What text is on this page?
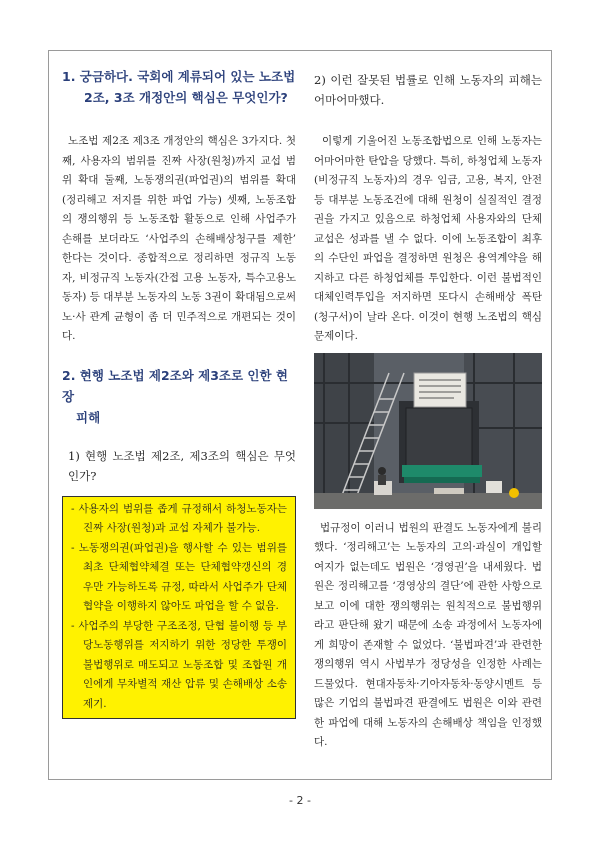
1. 궁금하다. 국회에 계류되어 있는 노조법
2조, 3조 개정안의 핵심은 무엇인가?

노조법 제2조 제3조 개정안의 핵심은 3가지다. 첫째, 사용자의 범위를 진짜 사장(원청)까지 교섭 범위 확대 둘째, 노동쟁의권(파업권)의 범위를 확대(정리해고 저지를 위한 파업 가능) 셋째, 노동조합의 쟁의행위 등 노동조합 활동으로 인해 사업주가 손해를 보더라도 ‘사업주의 손해배상청구를 제한’ 한다는 것이다. 종합적으로 정리하면 정규직 노동자, 비정규직 노동자(간접 고용 노동자, 특수고용노동자) 등 대부분 노동자의 노동 3권이 확대됨으로써 노·사 관계 균형이 좀 더 민주적으로 개편되는 것이다.

2. 현행 노조법 제2조와 제3조로 인한 현장
피해

1) 현행 노조법 제2조, 제3조의 핵심은 무엇인가?

- 사용자의 범위를 좁게 규정해서 하청노동자는 진짜 사장(원청)과 교섭 자체가 불가능.
- 노동쟁의권(파업권)을 행사할 수 있는 범위를 최초 단체협약체결 또는 단체협약갱신의 경우만 가능하도록 규정, 따라서 사업주가 단체협약을 이행하지 않아도 파업을 할 수 없음.
- 사업주의 부당한 구조조정, 단협 불이행 등 부당노동행위를 저지하기 위한 정당한 투쟁이 불법행위로 매도되고 노동조합 및 조합원 개인에게 무차별적 재산 압류 및 손해배상 소송제기.

2) 이런 잘못된 법률로 인해 노동자의 피해는 어마어마했다.

이렇게 기울어진 노동조합법으로 인해 노동자는 어마어마한 탄압을 당했다. 특히, 하청업체 노동자(비정규직 노동자)의 경우 임금, 고용, 복지, 안전 등 대부분 노동조건에 대해 원청이 실질적인 결정권을 가지고 있음으로 하청업체 사용자와의 단체교섭은 성과를 낼 수 없다. 이에 노동조합이 최후의 수단인 파업을 결정하면 원청은 용역계약을 해지하고 다른 하청업체를 투입한다. 이런 불법적인 대체인력투입을 저지하면 또다시 손해배상 폭탄(청구서)이 날라 온다. 이것이 현행 노조법의 핵심 문제이다.

법규정이 이러니 법원의 판결도 노동자에게 불리했다. ‘정리해고’는 노동자의 고의·과실이 개입할 여지가 없는데도 법원은 ‘경영권’을 내세웠다. 법원은 정리해고를 ‘경영상의 결단’에 관한 사항으로 보고 이에 대한 쟁의행위는 원칙적으로 불법행위라고 판단해 왔기 때문에 소송 과정에서 노동자에게 희망이 존재할 수 없었다. ‘불법파견’과 관련한 쟁의행위 역시 사법부가 정당성을 인정한 사례는 드물었다. 현대자동차·기아자동차·동양시멘트 등 많은 기업의 불법파견 판결에도 법원은 이와 관련한 파업에 대해 노동자의 손해배상 책임을 인정했다.

- 2 -
